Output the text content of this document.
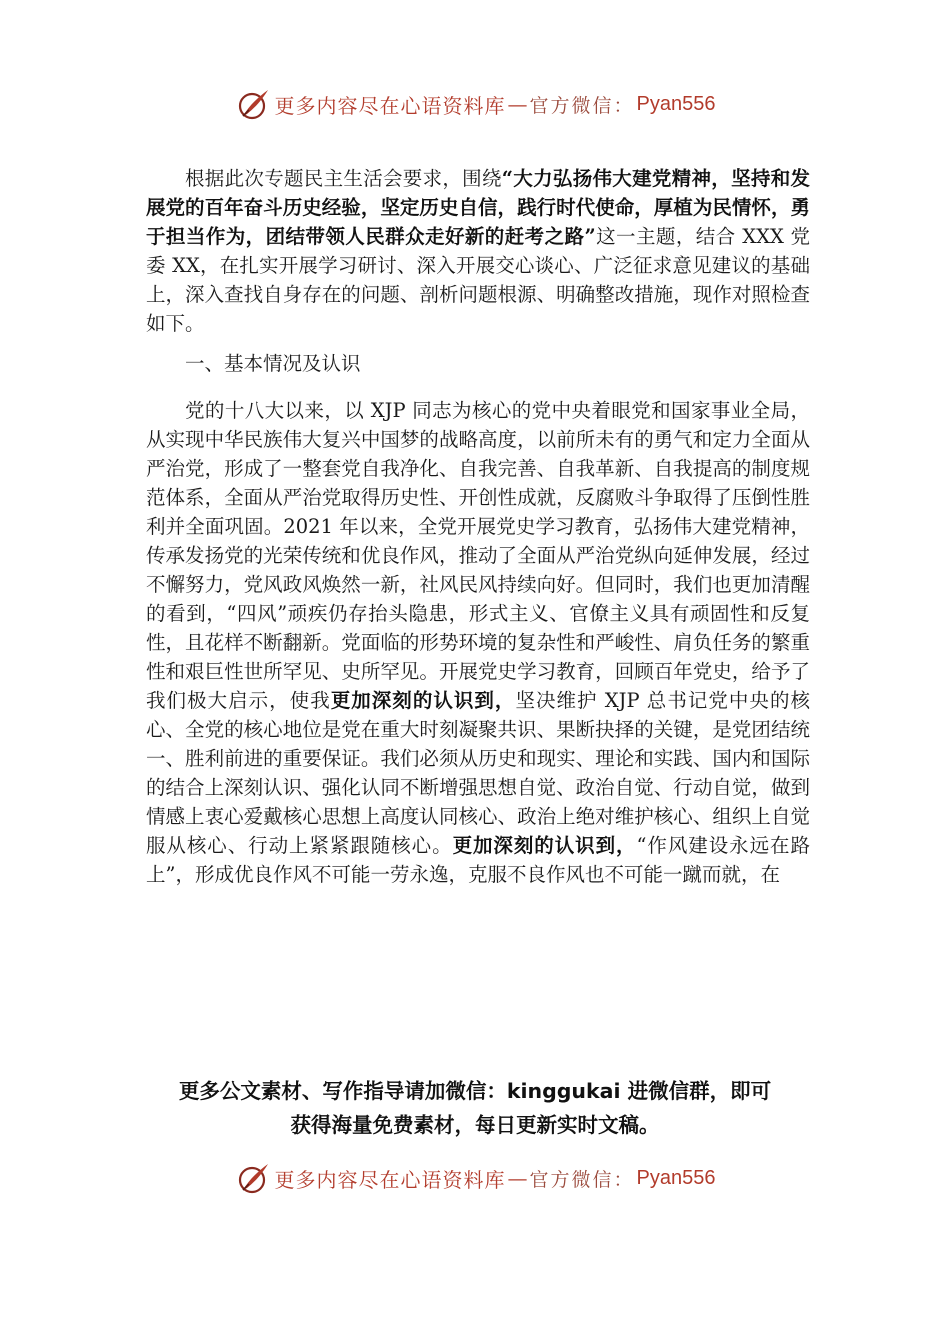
更多内容尽在心语资料库 — 官方微信： Pyan556

根据此次专题民主生活会要求，围绕“大力弘扬伟大建党精神，坚持和发展党的百年奋斗历史经验，坚定历史自信，践行时代使命，厚植为民情怀，勇于担当作为，团结带领人民群众走好新的赶考之路”这一主题，结合 XXX 党委 XX，在扎实开展学习研讨、深入开展交心谈心、广泛征求意见建议的基础上，深入查找自身存在的问题、剖析问题根源、明确整改措施，现作对照检查如下。

一、基本情况及认识

党的十八大以来，以 XJP 同志为核心的党中央着眼党和国家事业全局，从实现中华民族伟大复兴中国梦的战略高度，以前所未有的勇气和定力全面从严治党，形成了一整套党自我净化、自我完善、自我革新、自我提高的制度规范体系，全面从严治党取得历史性、开创性成就，反腐败斗争取得了压倒性胜利并全面巩固。2021 年以来，全党开展党史学习教育，弘扬伟大建党精神，传承发扬党的光荣传统和优良作风，推动了全面从严治党纵向延伸发展，经过不懈努力，党风政风焕然一新，社风民风持续向好。但同时，我们也更加清醒的看到，“四风”顽疾仍存抬头隐患，形式主义、官僚主义具有顽固性和反复性，且花样不断翻新。党面临的形势环境的复杂性和严峻性、肩负任务的繁重性和艰巨性世所罕见、史所罕见。开展党史学习教育，回顾百年党史，给予了我们极大启示，使我更加深刻的认识到，坚决维护 XJP 总书记党中央的核心、全党的核心地位是党在重大时刻凝聚共识、果断抉择的关键，是党团结统一、胜利前进的重要保证。我们必须从历史和现实、理论和实践、国内和国际的结合上深刻认识、强化认同不断增强思想自觉、政治自觉、行动自觉，做到情感上衷心爱戴核心思想上高度认同核心、政治上绝对维护核心、组织上自觉服从核心、行动上紧紧跟随核心。更加深刻的认识到，“作风建设永远在路上”，形成优良作风不可能一劳永逸，克服不良作风也不可能一蹴而就，在

更多公文素材、写作指导请加微信：kinggukai 进微信群，即可
获得海量免费素材，每日更新实时文稿。
更多内容尽在心语资料库 — 官方微信： Pyan556
